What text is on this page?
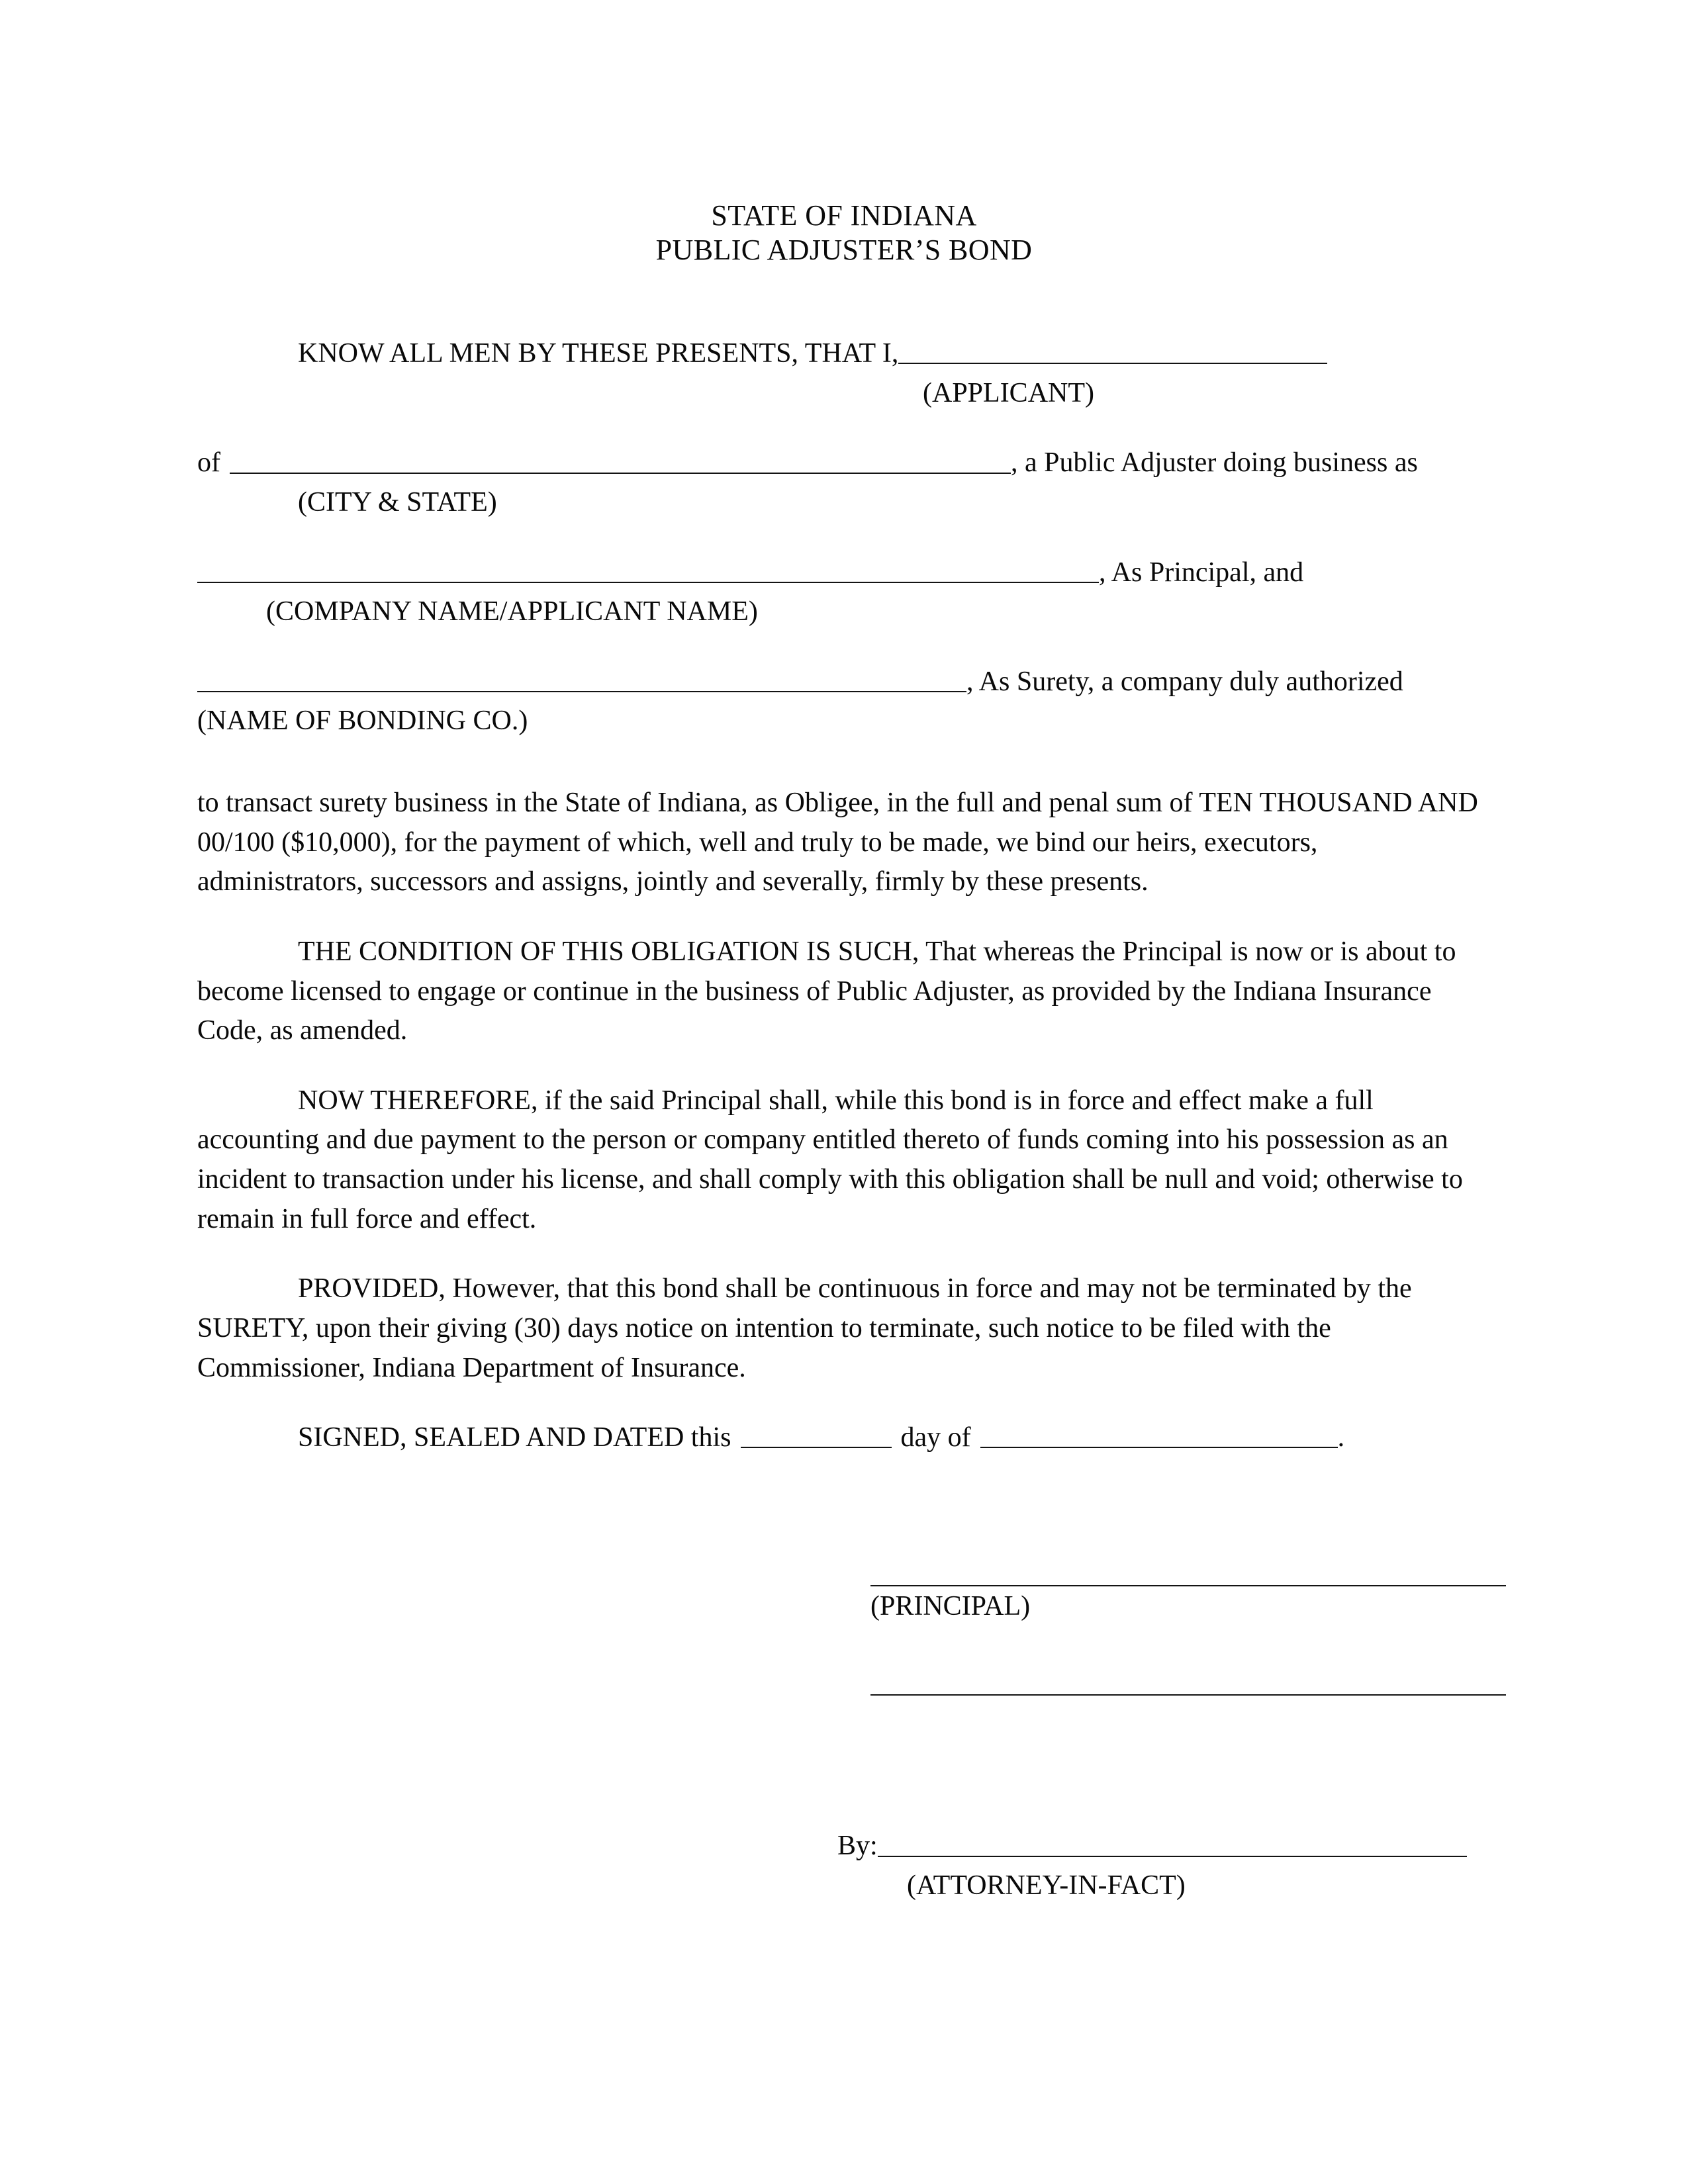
STATE OF INDIANA
PUBLIC ADJUSTER’S BOND
KNOW ALL MEN BY THESE PRESENTS, THAT I,
(APPLICANT)
of	, a Public Adjuster doing business as
(CITY & STATE)
, As Principal, and
(COMPANY NAME/APPLICANT NAME)
, As Surety, a company duly authorized
(NAME OF BONDING CO.)

to transact surety business in the State of Indiana, as Obligee, in the full and penal sum of TEN THOUSAND AND 00/100 ($10,000), for the payment of which, well and truly to be made, we bind our heirs, executors, administrators, successors and assigns, jointly and severally, firmly by these presents.

THE CONDITION OF THIS OBLIGATION IS SUCH, That whereas the Principal is now or is about to become licensed to engage or continue in the business of Public Adjuster, as provided by the Indiana Insurance Code, as amended.

NOW THEREFORE, if the said Principal shall, while this bond is in force and effect make a full accounting and due payment to the person or company entitled thereto of funds coming into his possession as an incident to transaction under his license, and shall comply with this obligation shall be null and void; otherwise to remain in full force and effect.

PROVIDED, However, that this bond shall be continuous in force and may not be terminated by the SURETY, upon their giving (30) days notice on intention to terminate, such notice to be filed with the Commissioner, Indiana Department of Insurance.

SIGNED, SEALED AND DATED this	day of	.
(PRINCIPAL)
By:
(ATTORNEY-IN-FACT)
